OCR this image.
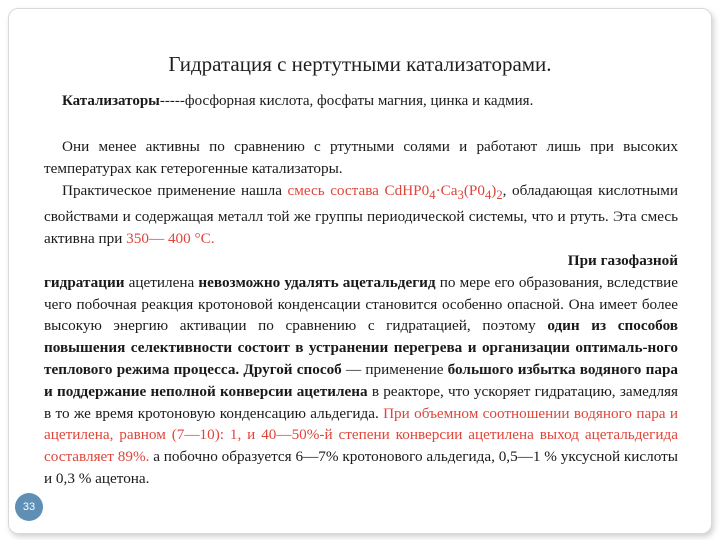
Гидратация с нертутными катализаторами.
Катализаторы-----фосфорная кислота, фосфаты магния, цинка и кадмия.

Они менее активны по сравнению с ртутными солями и работают лишь при высоких температурах как гетерогенные катализаторы.

Практическое применение нашла смесь состава $CdHP0_4\cdot Ca_3(P0_4)_2$, обладающая кислотными свойствами и содержащая металл той же группы периодической системы, что и ртуть. Эта смесь активна при 350— 400 °С.

При газофазной

гидратации ацетилена невозможно удалять ацетальдегид по мере его образования, вследствие чего побочная реакция кротоновой конденсации становится особенно опасной. Она имеет более высокую энергию активации по сравнению с гидратацией, поэтому один из способов повышения селективности состоит в устранении перегрева и организации оптималь-ного теплового режима процесса. Другой способ — применение большого избытка водяного пара и поддержание неполной конверсии ацетилена в реакторе, что ускоряет гидратацию, замедляя в то же время кротоновую конденсацию альдегида. При объемном соотношении водяного пара и ацетилена, равном (7—10): 1, и 40—50%-й степени конверсии ацетилена выход ацетальдегида составляет 89%. а побочно образуется 6—7% кротонового альдегида, 0,5—1 % уксусной кислоты и 0,3 % ацетона.

33
